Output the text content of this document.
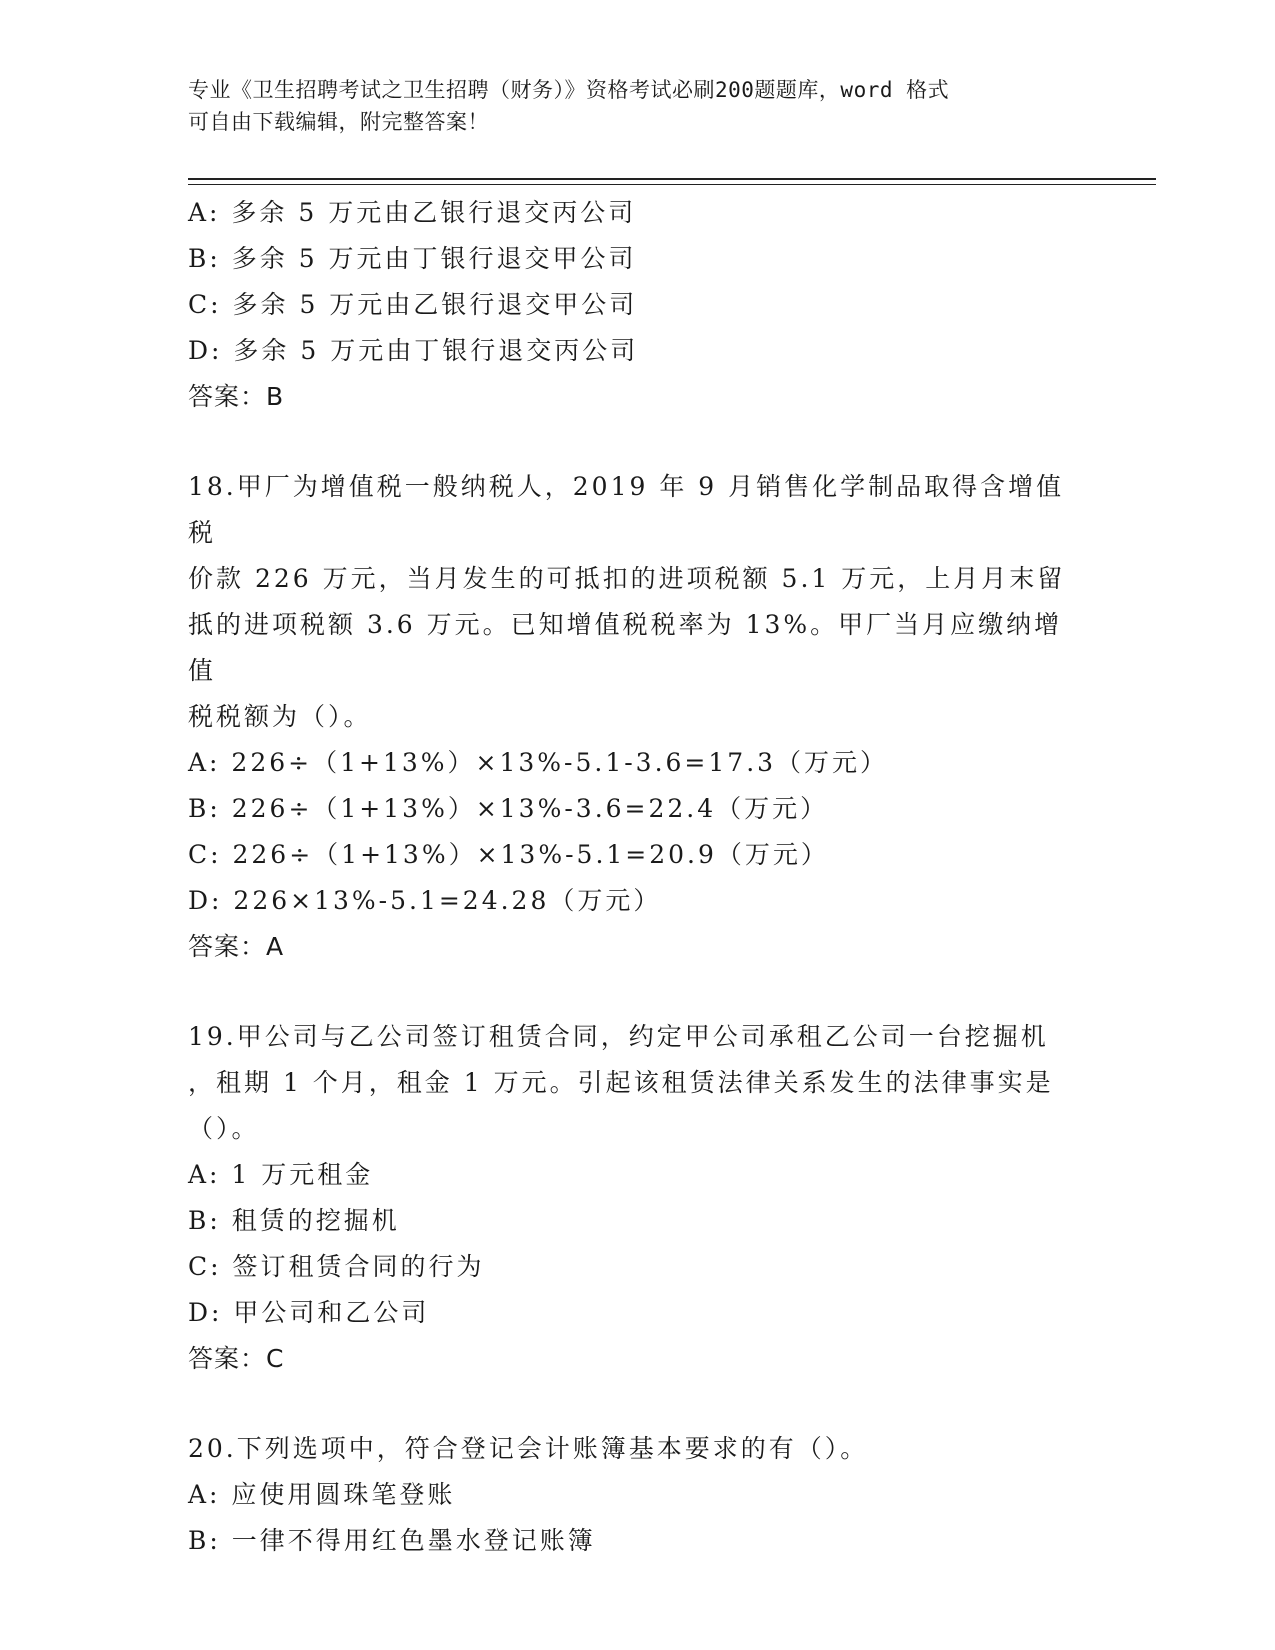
专业《卫生招聘考试之卫生招聘（财务）》资格考试必刷200题题库，word 格式
可自由下载编辑，附完整答案！
A: 多余 5 万元由乙银行退交丙公司
B: 多余 5 万元由丁银行退交甲公司
C: 多余 5 万元由乙银行退交甲公司
D: 多余 5 万元由丁银行退交丙公司
答案：B
18.甲厂为增值税一般纳税人，2019 年 9 月销售化学制品取得含增值税
价款 226 万元，当月发生的可抵扣的进项税额 5.1 万元，上月月末留
抵的进项税额 3.6 万元。已知增值税税率为 13%。甲厂当月应缴纳增值
税税额为（）。
A: 226÷（1+13%）×13%-5.1-3.6=17.3（万元）
B: 226÷（1+13%）×13%-3.6=22.4（万元）
C: 226÷（1+13%）×13%-5.1=20.9（万元）
D: 226×13%-5.1=24.28（万元）
答案：A
19.甲公司与乙公司签订租赁合同，约定甲公司承租乙公司一台挖掘机
，租期 1 个月，租金 1 万元。引起该租赁法律关系发生的法律事实是
（）。
A: 1 万元租金
B: 租赁的挖掘机
C: 签订租赁合同的行为
D: 甲公司和乙公司
答案：C
20.下列选项中，符合登记会计账簿基本要求的有（）。
A: 应使用圆珠笔登账
B: 一律不得用红色墨水登记账簿
